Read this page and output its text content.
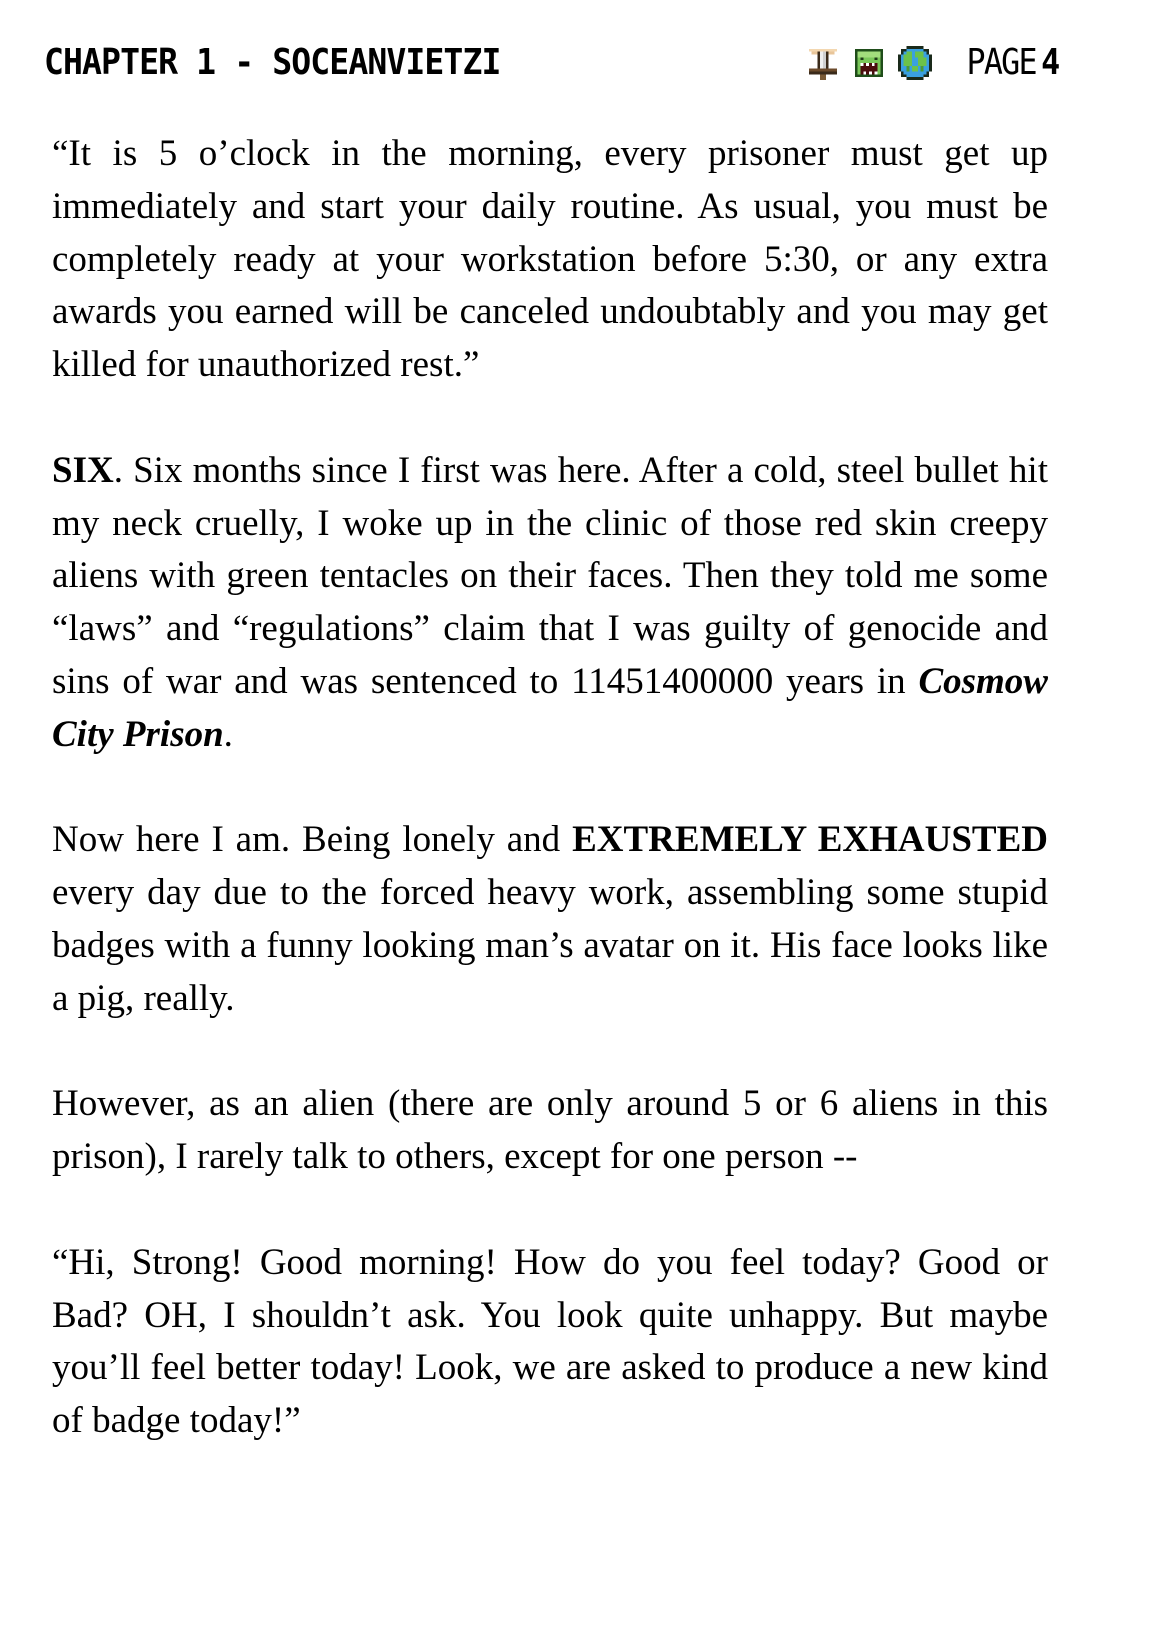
CHAPTER 1 - SOCEANVIETZI	PAGE 4

“It is 5 o’clock in the morning, every prisoner must get up immediately and start your daily routine. As usual, you must be completely ready at your workstation before 5:30, or any extra awards you earned will be canceled undoubtably and you may get killed for unauthorized rest.”

SIX. Six months since I first was here. After a cold, steel bullet hit my neck cruelly, I woke up in the clinic of those red skin creepy aliens with green tentacles on their faces. Then they told me some “laws” and “regulations” claim that I was guilty of genocide and sins of war and was sentenced to 11451400000 years in Cosmow City Prison.

Now here I am. Being lonely and EXTREMELY EXHAUSTED every day due to the forced heavy work, assembling some stupid badges with a funny looking man’s avatar on it. His face looks like a pig, really.

However, as an alien (there are only around 5 or 6 aliens in this prison), I rarely talk to others, except for one person --

“Hi, Strong! Good morning! How do you feel today? Good or Bad? OH, I shouldn’t ask. You look quite unhappy. But maybe you’ll feel better today! Look, we are asked to produce a new kind of badge today!”
